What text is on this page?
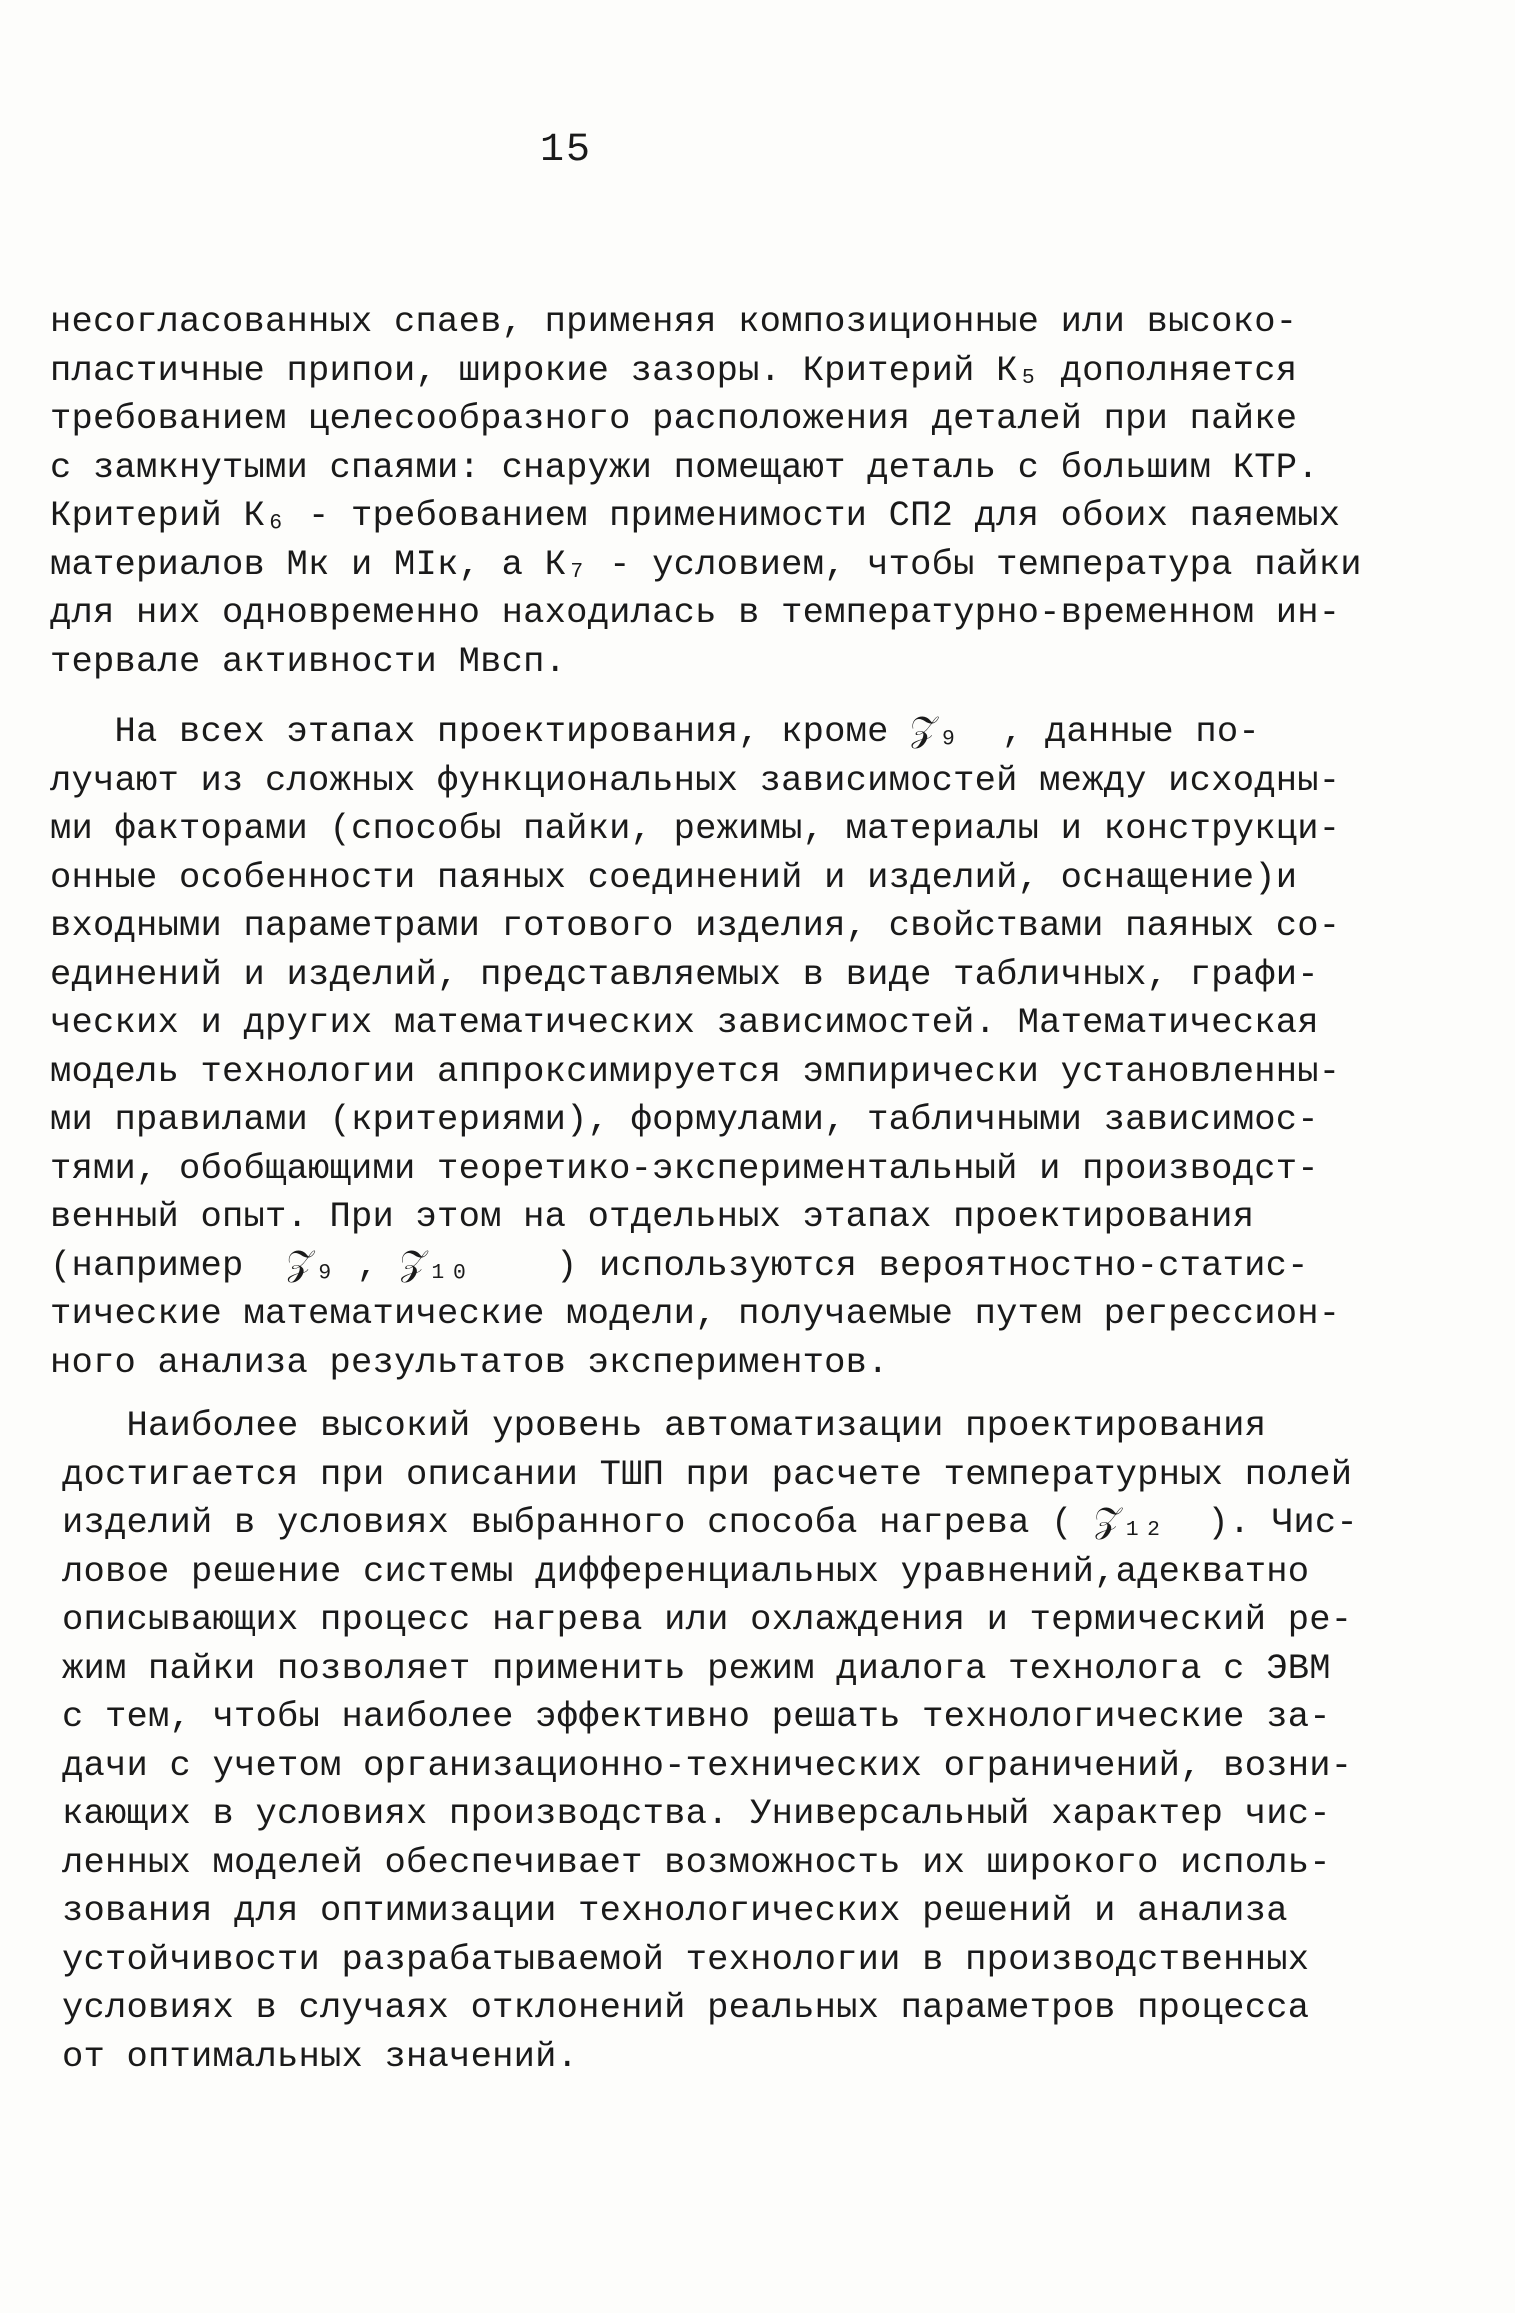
15
несогласованных спаев, применяя композиционные или высоко-
пластичные припои, широкие зазоры. Критерий К₅ дополняется
требованием целесообразного расположения деталей при пайке
с замкнутыми спаями: снаружи помещают деталь с большим КТР.
Критерий К₆ - требованием применимости СП2 для обоих паяемых
материалов Мк и МIк, а К₇ - условием, чтобы температура пайки
для них одновременно находилась в температурно-временном ин-
тервале активности Мвсп.
На всех этапах проектирования, кроме 𝒵₉  , данные по-
лучают из сложных функциональных зависимостей между исходны-
ми факторами (способы пайки, режимы, материалы и конструкци-
онные особенности паяных соединений и изделий, оснащение)и
входными параметрами готового изделия, свойствами паяных со-
единений и изделий, представляемых в виде табличных, графи-
ческих и других математических зависимостей. Математическая
модель технологии аппроксимируется эмпирически установленны-
ми правилами (критериями), формулами, табличными зависимос-
тями, обобщающими теоретико-экспериментальный и производст-
венный опыт. При этом на отдельных этапах проектирования
(например  𝒵₉ , 𝒵₁₀    ) используются вероятностно-статис-
тические математические модели, получаемые путем регрессион-
ного анализа результатов экспериментов.
Наиболее высокий уровень автоматизации проектирования
достигается при описании ТШП при расчете температурных полей
изделий в условиях выбранного способа нагрева ( 𝒵₁₂  ). Чис-
ловое решение системы дифференциальных уравнений,адекватно
описывающих процесс нагрева или охлаждения и термический ре-
жим пайки позволяет применить режим диалога технолога с ЭВМ
с тем, чтобы наиболее эффективно решать технологические за-
дачи с учетом организационно-технических ограничений, возни-
кающих в условиях производства. Универсальный характер чис-
ленных моделей обеспечивает возможность их широкого исполь-
зования для оптимизации технологических решений и анализа
устойчивости разрабатываемой технологии в производственных
условиях в случаях отклонений реальных параметров процесса
от оптимальных значений.
